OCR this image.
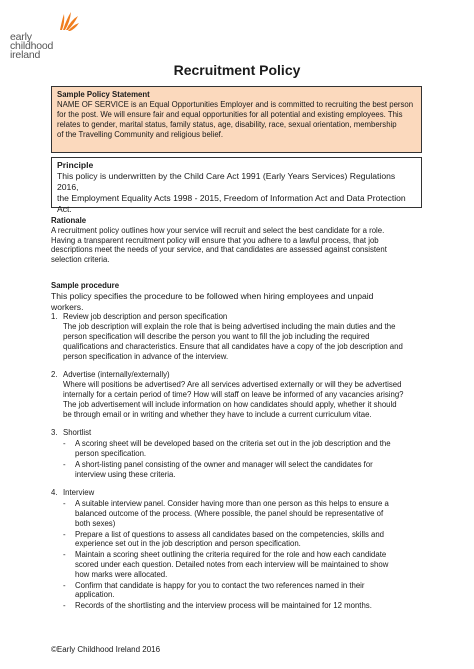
early
childhood
ireland
Recruitment Policy
Sample Policy Statement
NAME OF SERVICE is an Equal Opportunities Employer and is committed to recruiting the best person
for the post. We will ensure fair and equal opportunities for all potential and existing employees. This
relates to gender, marital status, family status, age, disability, race, sexual orientation, membership
of the Travelling Community and religious belief.
Principle
This policy is underwritten by the Child Care Act 1991 (Early Years Services) Regulations 2016,
the Employment Equality Acts 1998 - 2015, Freedom of Information Act and Data Protection
Act.
Rationale
A recruitment policy outlines how your service will recruit and select the best candidate for a role.
Having a transparent recruitment policy will ensure that you adhere to a lawful process, that job
descriptions meet the needs of your service, and that candidates are assessed against consistent
selection criteria.
Sample procedure
This policy specifies the procedure to be followed when hiring employees and unpaid
workers.
1. Review job description and person specification
The job description will explain the role that is being advertised including the main duties and the
person specification will describe the person you want to fill the job including the required
qualifications and characteristics. Ensure that all candidates have a copy of the job description and
person specification in advance of the interview.
2. Advertise (internally/externally)
Where will positions be advertised? Are all services advertised externally or will they be advertised
internally for a certain period of time? How will staff on leave be informed of any vacancies arising?
The job advertisement will include information on how candidates should apply, whether it should
be through email or in writing and whether they have to include a current curriculum vitae.
3. Shortlist
- A scoring sheet will be developed based on the criteria set out in the job description and the
person specification.
- A short-listing panel consisting of the owner and manager will select the candidates for
interview using these criteria.
4. Interview
- A suitable interview panel. Consider having more than one person as this helps to ensure a
balanced outcome of the process. (Where possible, the panel should be representative of
both sexes)
- Prepare a list of questions to assess all candidates based on the competencies, skills and
experience set out in the job description and person specification.
- Maintain a scoring sheet outlining the criteria required for the role and how each candidate
scored under each question. Detailed notes from each interview will be maintained to show
how marks were allocated.
- Confirm that candidate is happy for you to contact the two references named in their
application.
- Records of the shortlisting and the interview process will be maintained for 12 months.
©Early Childhood Ireland 2016
